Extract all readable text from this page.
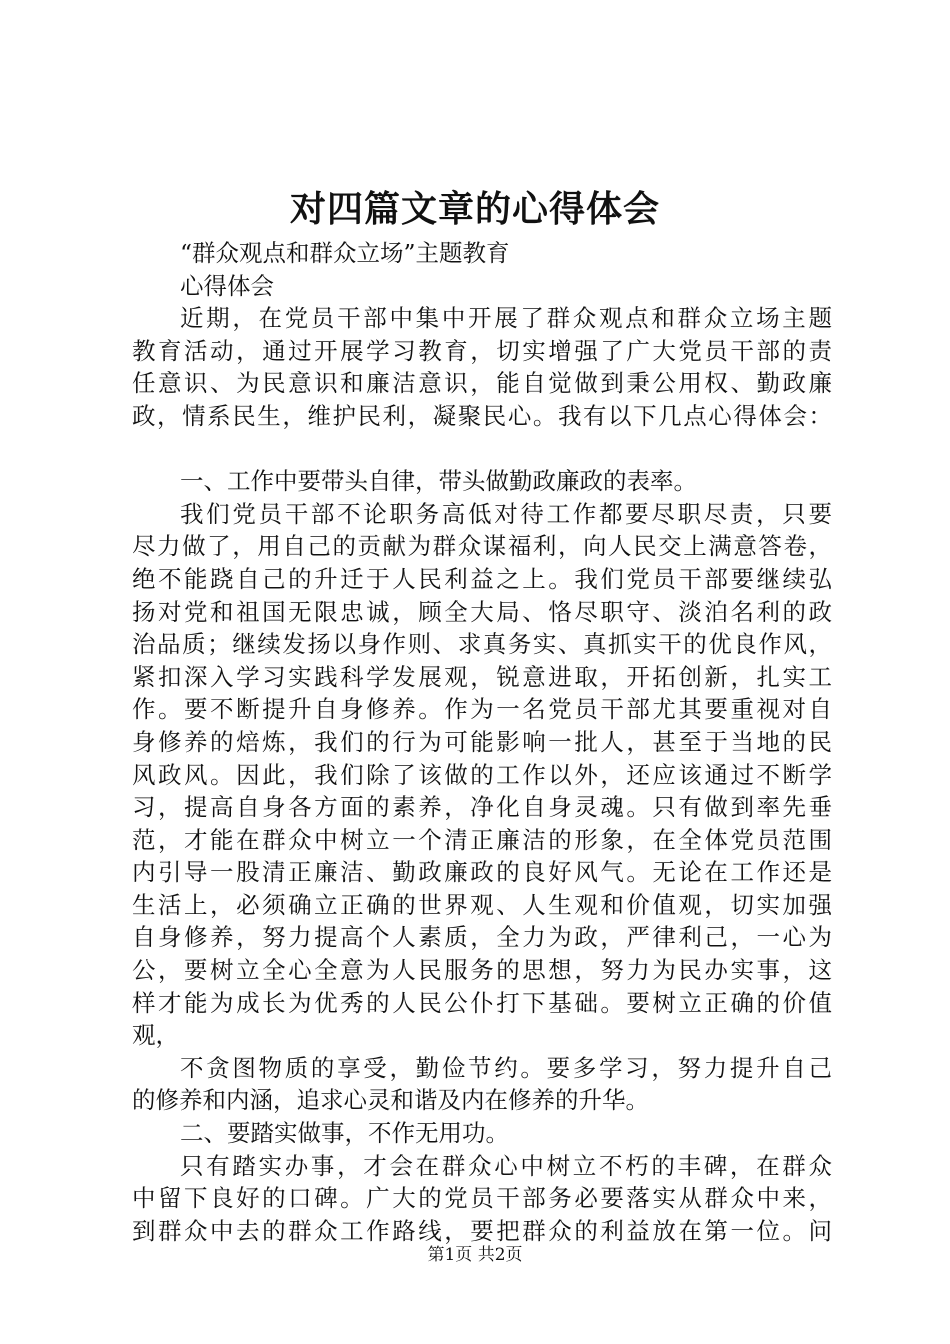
对四篇文章的心得体会
“群众观点和群众立场”主题教育
心得体会
近期，在党员干部中集中开展了群众观点和群众立场主题
教育活动，通过开展学习教育，切实增强了广大党员干部的责
任意识、为民意识和廉洁意识，能自觉做到秉公用权、勤政廉
政，情系民生，维护民利，凝聚民心。我有以下几点心得体会：
一、工作中要带头自律，带头做勤政廉政的表率。
我们党员干部不论职务高低对待工作都要尽职尽责，只要
尽力做了，用自己的贡献为群众谋福利，向人民交上满意答卷，
绝不能跷自己的升迁于人民利益之上。我们党员干部要继续弘
扬对党和祖国无限忠诚，顾全大局、恪尽职守、淡泊名利的政
治品质；继续发扬以身作则、求真务实、真抓实干的优良作风，
紧扣深入学习实践科学发展观，锐意进取，开拓创新，扎实工
作。要不断提升自身修养。作为一名党员干部尤其要重视对自
身修养的焙炼，我们的行为可能影响一批人，甚至于当地的民
风政风。因此，我们除了该做的工作以外，还应该通过不断学
习，提高自身各方面的素养，净化自身灵魂。只有做到率先垂
范，才能在群众中树立一个清正廉洁的形象，在全体党员范围
内引导一股清正廉洁、勤政廉政的良好风气。无论在工作还是
生活上，必须确立正确的世界观、人生观和价值观，切实加强
自身修养，努力提高个人素质，全力为政，严律利己，一心为
公，要树立全心全意为人民服务的思想，努力为民办实事，这
样才能为成长为优秀的人民公仆打下基础。要树立正确的价值
观，
不贪图物质的享受，勤俭节约。要多学习，努力提升自己
的修养和内涵，追求心灵和谐及内在修养的升华。
二、要踏实做事，不作无用功。
只有踏实办事，才会在群众心中树立不朽的丰碑，在群众
中留下良好的口碑。广大的党员干部务必要落实从群众中来，
到群众中去的群众工作路线，要把群众的利益放在第一位。问
第1页 共2页
